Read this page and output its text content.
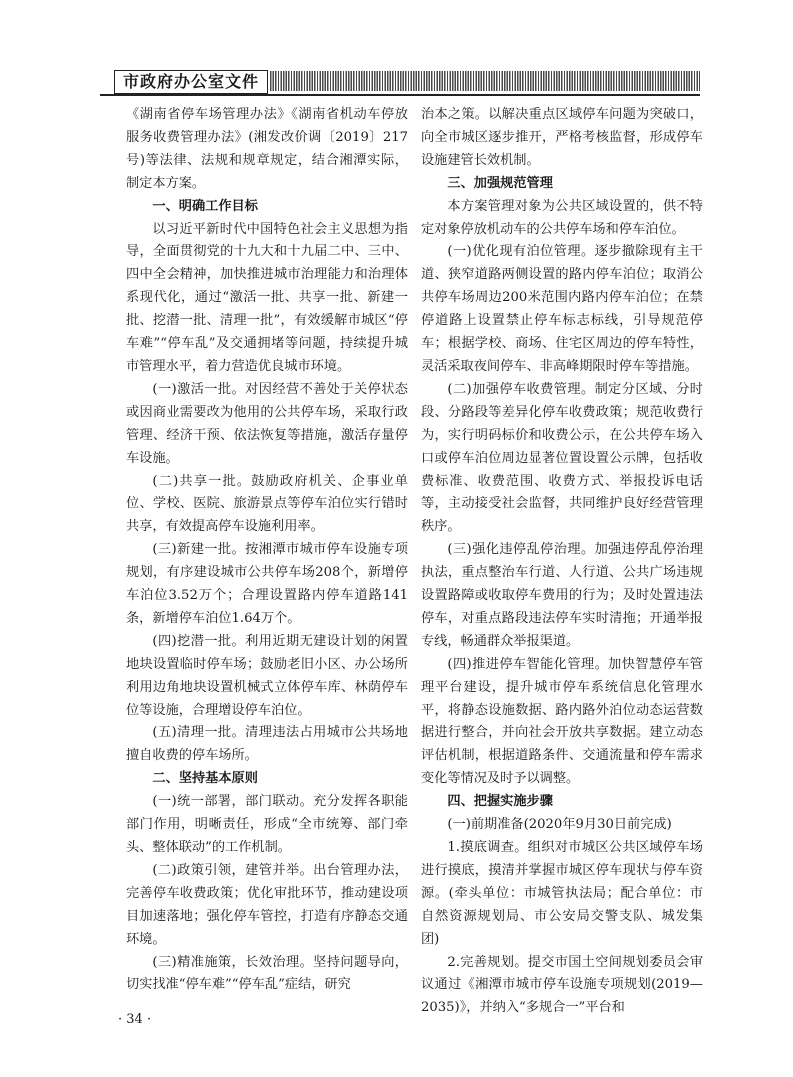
市政府办公室文件

《湖南省停车场管理办法》《湖南省机动车停放服务收费管理办法》(湘发改价调〔2019〕217号)等法律、法规和规章规定，结合湘潭实际，制定本方案。

一、明确工作目标

以习近平新时代中国特色社会主义思想为指导，全面贯彻党的十九大和十九届二中、三中、四中全会精神，加快推进城市治理能力和治理体系现代化，通过“激活一批、共享一批、新建一批、挖潜一批、清理一批”，有效缓解市城区“停车难”“停车乱”及交通拥堵等问题，持续提升城市管理水平，着力营造优良城市环境。

(一)激活一批。对因经营不善处于关停状态或因商业需要改为他用的公共停车场，采取行政管理、经济干预、依法恢复等措施，激活存量停车设施。

(二)共享一批。鼓励政府机关、企事业单位、学校、医院、旅游景点等停车泊位实行错时共享，有效提高停车设施利用率。

(三)新建一批。按湘潭市城市停车设施专项规划，有序建设城市公共停车场208个，新增停车泊位3.52万个；合理设置路内停车道路141条，新增停车泊位1.64万个。

(四)挖潜一批。利用近期无建设计划的闲置地块设置临时停车场；鼓励老旧小区、办公场所利用边角地块设置机械式立体停车库、林荫停车位等设施，合理增设停车泊位。

(五)清理一批。清理违法占用城市公共场地擅自收费的停车场所。

二、坚持基本原则

(一)统一部署，部门联动。充分发挥各职能部门作用，明晰责任，形成“全市统筹、部门牵头、整体联动”的工作机制。

(二)政策引领，建管并举。出台管理办法，完善停车收费政策；优化审批环节，推动建设项目加速落地；强化停车管控，打造有序静态交通环境。

(三)精准施策，长效治理。坚持问题导向，切实找准“停车难”“停车乱”症结，研究

治本之策。以解决重点区域停车问题为突破口，向全市城区逐步推开，严格考核监督，形成停车设施建管长效机制。

三、加强规范管理

本方案管理对象为公共区域设置的，供不特定对象停放机动车的公共停车场和停车泊位。

(一)优化现有泊位管理。逐步撤除现有主干道、狭窄道路两侧设置的路内停车泊位；取消公共停车场周边200米范围内路内停车泊位；在禁停道路上设置禁止停车标志标线，引导规范停车；根据学校、商场、住宅区周边的停车特性，灵活采取夜间停车、非高峰期限时停车等措施。

(二)加强停车收费管理。制定分区域、分时段、分路段等差异化停车收费政策；规范收费行为，实行明码标价和收费公示，在公共停车场入口或停车泊位周边显著位置设置公示牌，包括收费标准、收费范围、收费方式、举报投诉电话等，主动接受社会监督，共同维护良好经营管理秩序。

(三)强化违停乱停治理。加强违停乱停治理执法，重点整治车行道、人行道、公共广场违规设置路障或收取停车费用的行为；及时处置违法停车，对重点路段违法停车实时清拖；开通举报专线，畅通群众举报渠道。

(四)推进停车智能化管理。加快智慧停车管理平台建设，提升城市停车系统信息化管理水平，将静态设施数据、路内路外泊位动态运营数据进行整合，并向社会开放共享数据。建立动态评估机制，根据道路条件、交通流量和停车需求变化等情况及时予以调整。

四、把握实施步骤

(一)前期准备(2020年9月30日前完成)

1.摸底调查。组织对市城区公共区域停车场进行摸底，摸清并掌握市城区停车现状与停车资源。(牵头单位：市城管执法局；配合单位：市自然资源规划局、市公安局交警支队、城发集团)

2.完善规划。提交市国土空间规划委员会审议通过《湘潭市城市停车设施专项规划(2019—2035)》，并纳入“多规合一”平台和

· 34 ·
